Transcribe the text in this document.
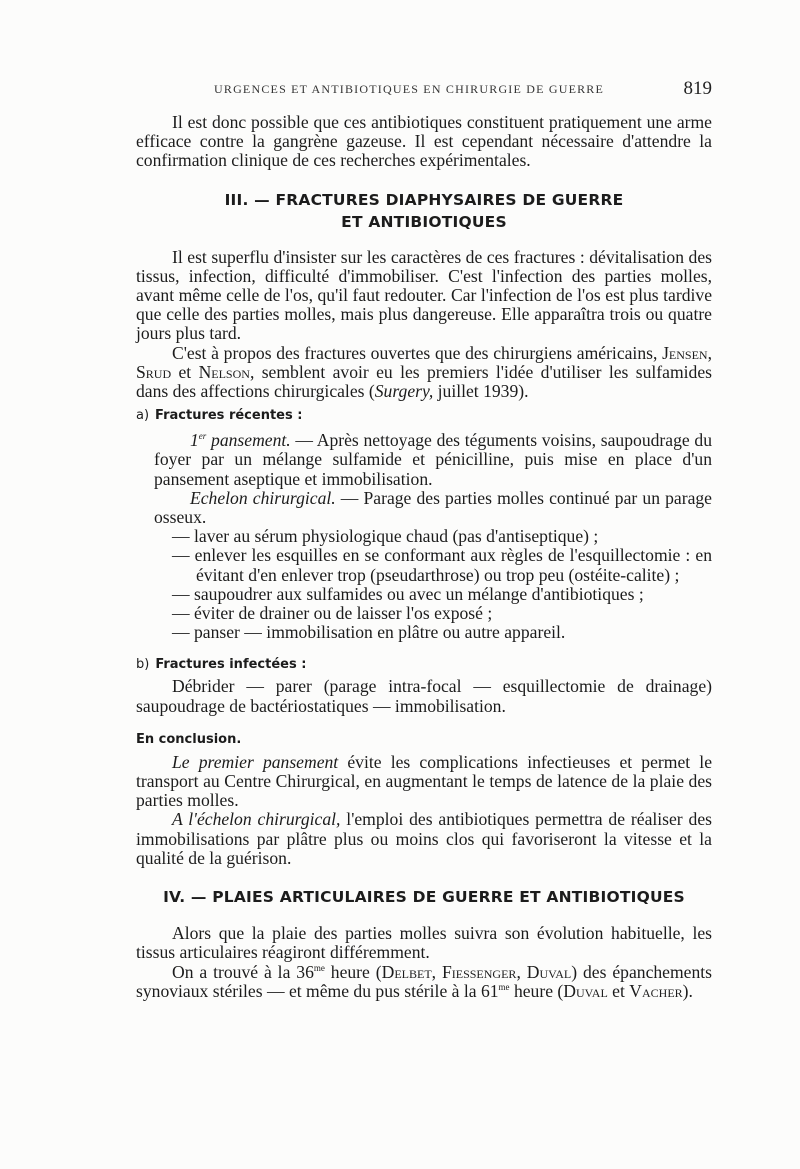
URGENCES ET ANTIBIOTIQUES EN CHIRURGIE DE GUERRE	819

Il est donc possible que ces antibiotiques constituent pratiquement une arme efficace contre la gangrène gazeuse. Il est cependant nécessaire d'attendre la confirmation clinique de ces recherches expérimentales.

III. — FRACTURES DIAPHYSAIRES DE GUERRE
ET ANTIBIOTIQUES

Il est superflu d'insister sur les caractères de ces fractures : dévitalisation des tissus, infection, difficulté d'immobiliser. C'est l'infection des parties molles, avant même celle de l'os, qu'il faut redouter. Car l'infection de l'os est plus tardive que celle des parties molles, mais plus dangereuse. Elle apparaîtra trois ou quatre jours plus tard.

C'est à propos des fractures ouvertes que des chirurgiens américains, Jensen, Srud et Nelson, semblent avoir eu les premiers l'idée d'utiliser les sulfamides dans des affections chirurgicales (Surgery, juillet 1939).

a) Fractures récentes :

1er pansement. — Après nettoyage des téguments voisins, saupoudrage du foyer par un mélange sulfamide et pénicilline, puis mise en place d'un pansement aseptique et immobilisation.

Echelon chirurgical. — Parage des parties molles continué par un parage osseux.

— laver au sérum physiologique chaud (pas d'antiseptique) ;

— enlever les esquilles en se conformant aux règles de l'esquillectomie : en évitant d'en enlever trop (pseudarthrose) ou trop peu (ostéite-calite) ;

— saupoudrer aux sulfamides ou avec un mélange d'antibiotiques ;

— éviter de drainer ou de laisser l'os exposé ;

— panser — immobilisation en plâtre ou autre appareil.

b) Fractures infectées :

Débrider — parer (parage intra-focal — esquillectomie de drainage) saupoudrage de bactériostatiques — immobilisation.

En conclusion.

Le premier pansement évite les complications infectieuses et permet le transport au Centre Chirurgical, en augmentant le temps de latence de la plaie des parties molles.

A l'échelon chirurgical, l'emploi des antibiotiques permettra de réaliser des immobilisations par plâtre plus ou moins clos qui favoriseront la vitesse et la qualité de la guérison.

IV. — PLAIES ARTICULAIRES DE GUERRE ET ANTIBIOTIQUES

Alors que la plaie des parties molles suivra son évolution habituelle, les tissus articulaires réagiront différemment.

On a trouvé à la $36^{me}$ heure (Delbet, Fiessenger, Duval) des épanchements synoviaux stériles — et même du pus stérile à la $61^{me}$ heure (Duval et Vacher).
